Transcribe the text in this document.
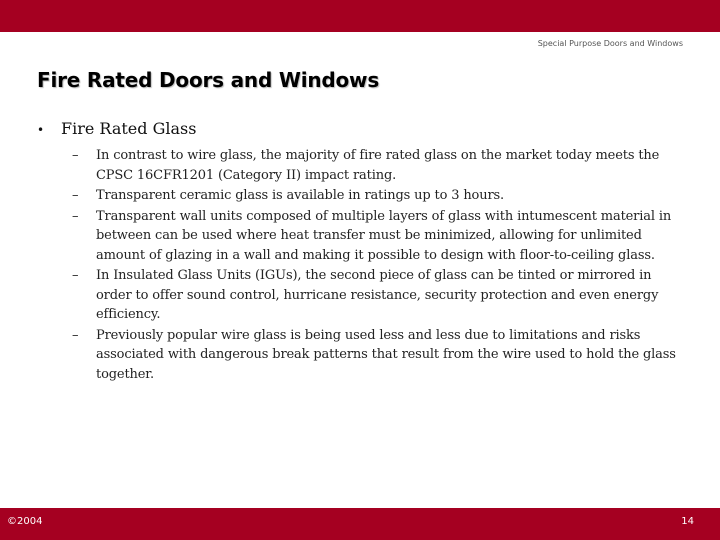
Special Purpose Doors and Windows
Fire Rated Doors and Windows
• Fire Rated Glass
– In contrast to wire glass, the majority of fire rated glass on the market today meets the CPSC 16CFR1201 (Category II) impact rating.
– Transparent ceramic glass is available in ratings up to 3 hours.
– Transparent wall units composed of multiple layers of glass with intumescent material in between can be used where heat transfer must be minimized, allowing for unlimited amount of glazing in a wall and making it possible to design with floor-to-ceiling glass.
– In Insulated Glass Units (IGUs), the second piece of glass can be tinted or mirrored in order to offer sound control, hurricane resistance, security protection and even energy efficiency.
– Previously popular wire glass is being used less and less due to limitations and risks associated with dangerous break patterns that result from the wire used to hold the glass together.
©2004	14
